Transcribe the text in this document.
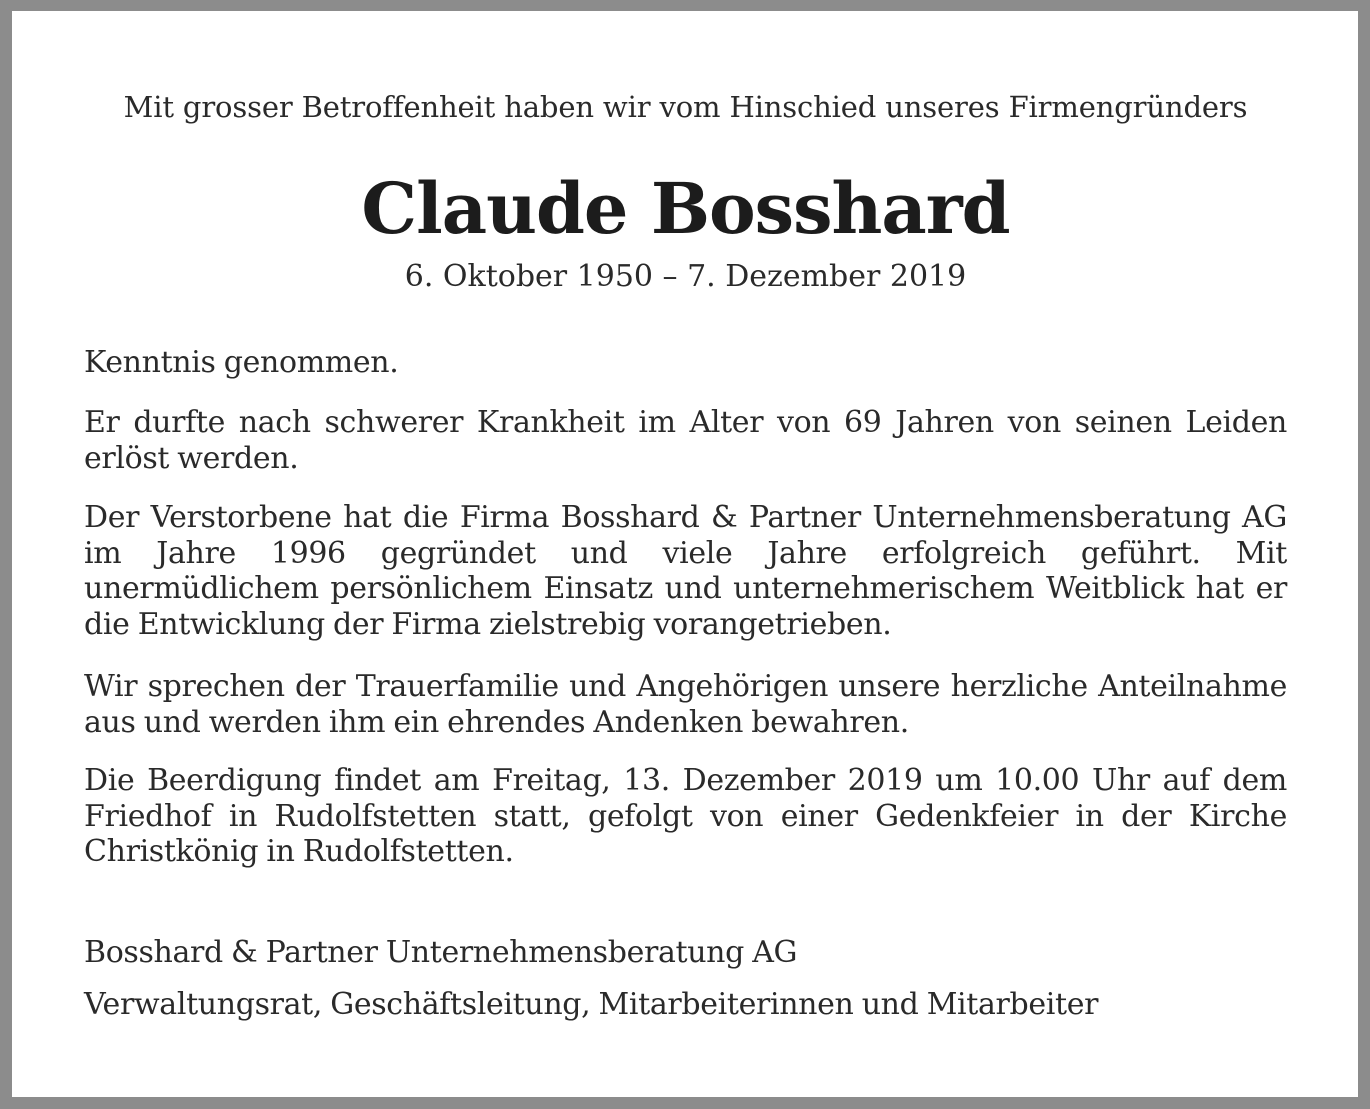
Mit grosser Betroffenheit haben wir vom Hinschied unseres Firmengründers
Claude Bosshard
6. Oktober 1950 – 7. Dezember 2019
Kenntnis genommen.
Er durfte nach schwerer Krankheit im Alter von 69 Jahren von seinen Leiden erlöst werden.
Der Verstorbene hat die Firma Bosshard & Partner Unternehmensberatung AG im Jahre 1996 gegründet und viele Jahre erfolgreich geführt. Mit unermüdlichem persönlichem Einsatz und unternehmerischem Weitblick hat er die Entwicklung der Firma zielstrebig vorangetrieben.
Wir sprechen der Trauerfamilie und Angehörigen unsere herzliche Anteilnahme aus und werden ihm ein ehrendes Andenken bewahren.
Die Beerdigung findet am Freitag, 13. Dezember 2019 um 10.00 Uhr auf dem Friedhof in Rudolfstetten statt, gefolgt von einer Gedenkfeier in der Kirche Christkönig in Rudolfstetten.
Bosshard & Partner Unternehmensberatung AG
Verwaltungsrat, Geschäftsleitung, Mitarbeiterinnen und Mitarbeiter
